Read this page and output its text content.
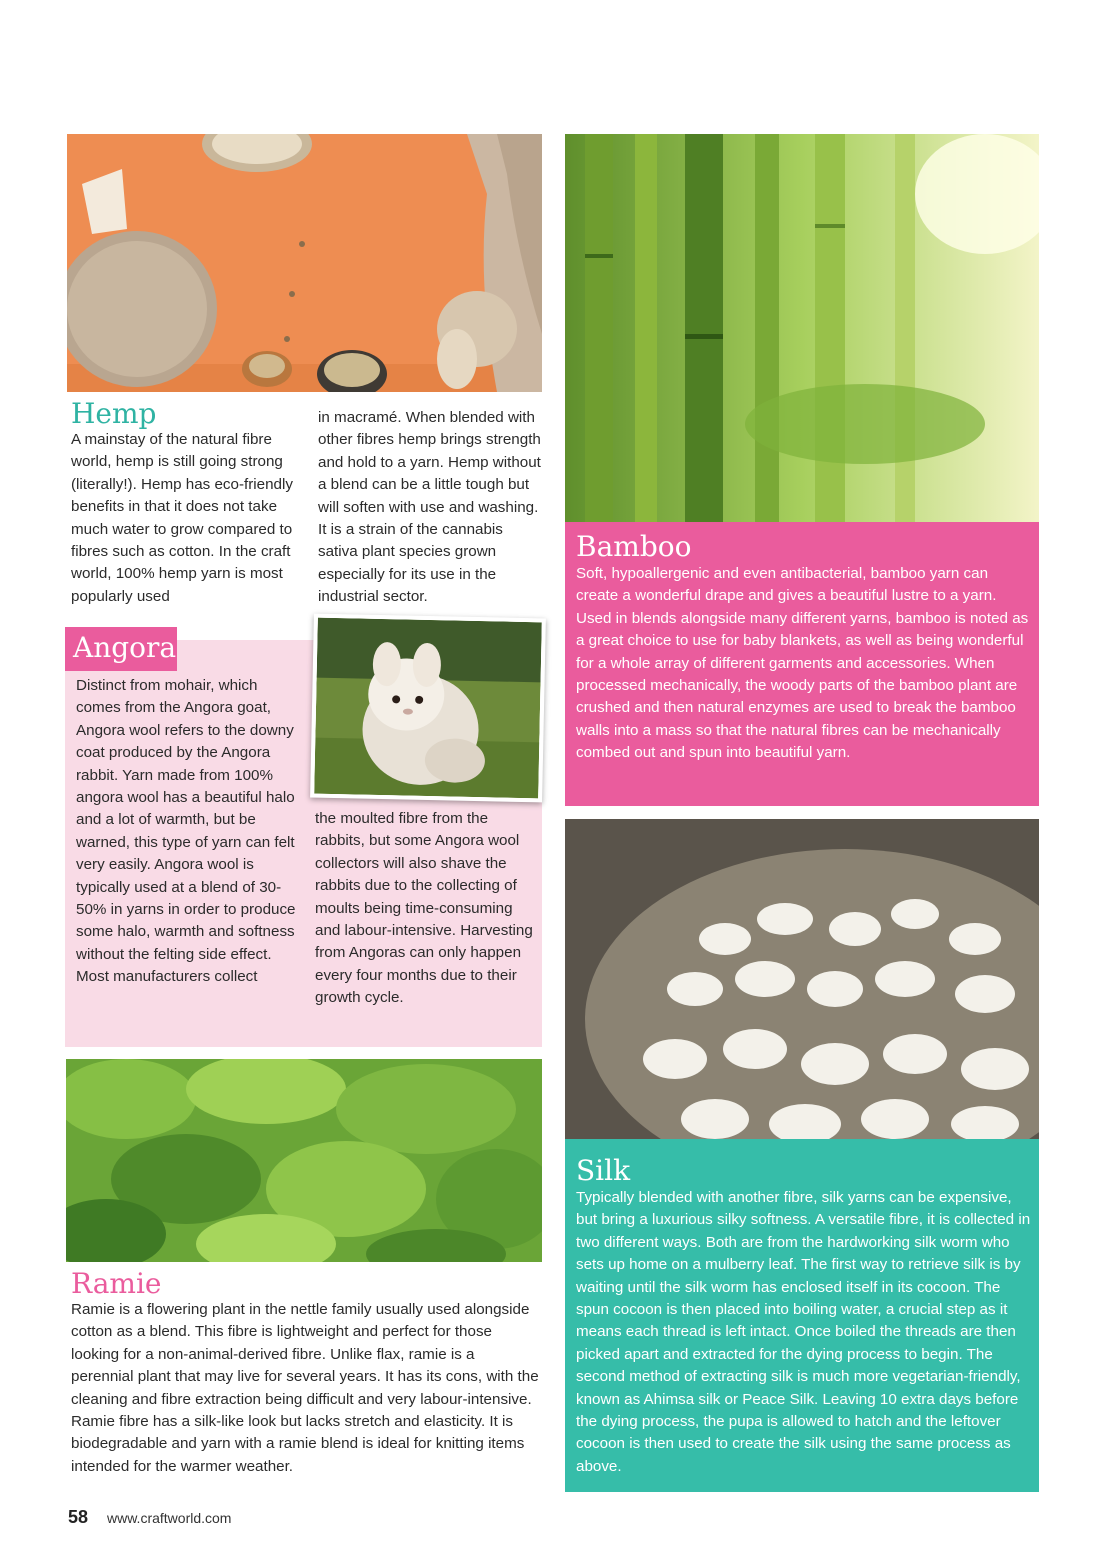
Hemp

A mainstay of the natural fibre world, hemp is still going strong (literally!). Hemp has eco-friendly benefits in that it does not take much water to grow compared to fibres such as cotton. In the craft world, 100% hemp yarn is most popularly used

in macramé. When blended with other fibres hemp brings strength and hold to a yarn. Hemp without a blend can be a little tough but will soften with use and washing. It is a strain of the cannabis sativa plant species grown especially for its use in the industrial sector.

Angora

Distinct from mohair, which comes from the Angora goat, Angora wool refers to the downy coat produced by the Angora rabbit. Yarn made from 100% angora wool has a beautiful halo and a lot of warmth, but be warned, this type of yarn can felt very easily. Angora wool is typically used at a blend of 30-50% in yarns in order to produce some halo, warmth and softness without the felting side effect. Most manufacturers collect

the moulted fibre from the rabbits, but some Angora wool collectors will also shave the rabbits due to the collecting of moults being time-consuming and labour-intensive. Harvesting from Angoras can only happen every four months due to their growth cycle.

Ramie

Ramie is a flowering plant in the nettle family usually used alongside cotton as a blend. This fibre is lightweight and perfect for those looking for a non-animal-derived fibre. Unlike flax, ramie is a perennial plant that may live for several years. It has its cons, with the cleaning and fibre extraction being difficult and very labour-intensive. Ramie fibre has a silk-like look but lacks stretch and elasticity. It is biodegradable and yarn with a ramie blend is ideal for knitting items intended for the warmer weather.

Bamboo

Soft, hypoallergenic and even antibacterial, bamboo yarn can create a wonderful drape and gives a beautiful lustre to a yarn. Used in blends alongside many different yarns, bamboo is noted as a great choice to use for baby blankets, as well as being wonderful for a whole array of different garments and accessories. When processed mechanically, the woody parts of the bamboo plant are crushed and then natural enzymes are used to break the bamboo walls into a mass so that the natural fibres can be mechanically combed out and spun into beautiful yarn.

Silk

Typically blended with another fibre, silk yarns can be expensive, but bring a luxurious silky softness. A versatile fibre, it is collected in two different ways. Both are from the hardworking silk worm who sets up home on a mulberry leaf. The first way to retrieve silk is by waiting until the silk worm has enclosed itself in its cocoon. The spun cocoon is then placed into boiling water, a crucial step as it means each thread is left intact. Once boiled the threads are then picked apart and extracted for the dying process to begin. The second method of extracting silk is much more vegetarian-friendly, known as Ahimsa silk or Peace Silk. Leaving 10 extra days before the dying process, the pupa is allowed to hatch and the leftover cocoon is then used to create the silk using the same process as above.

58 www.craftworld.com
